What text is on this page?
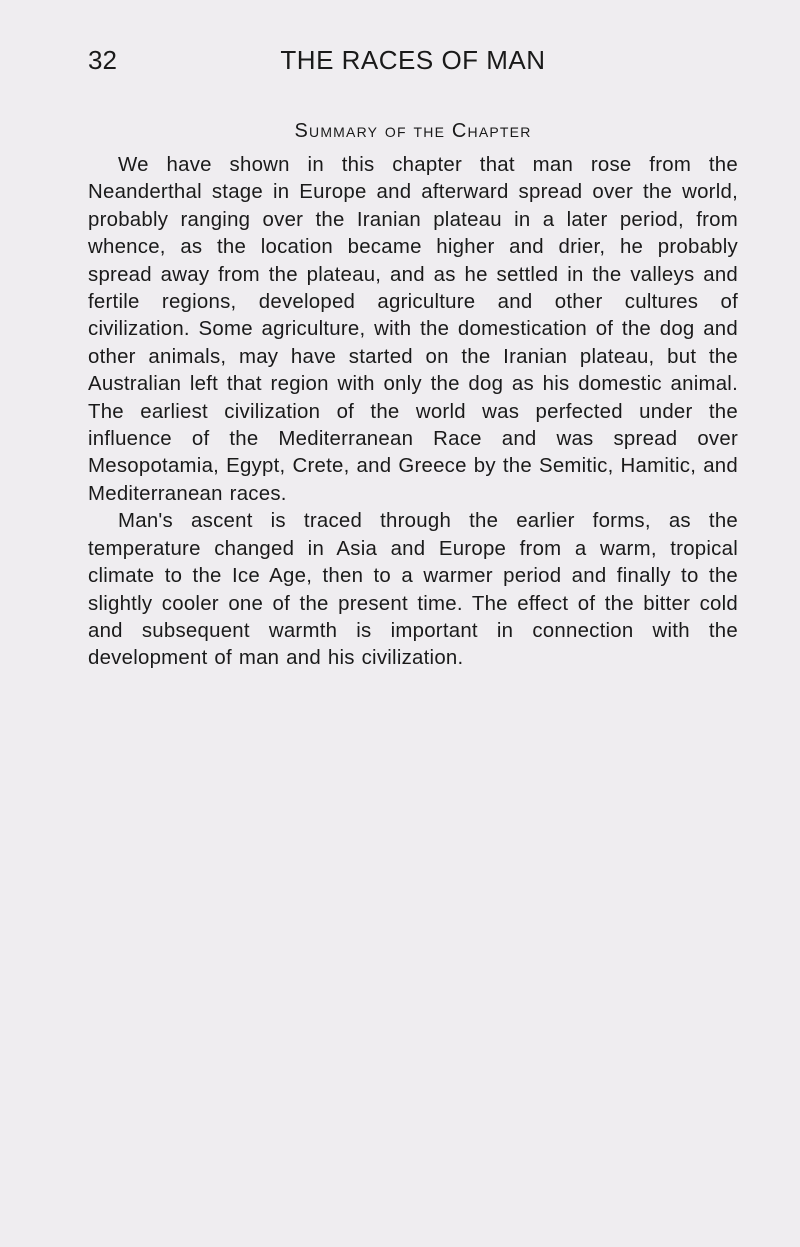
32	THE RACES OF MAN
Summary of the Chapter

We have shown in this chapter that man rose from the Neanderthal stage in Europe and afterward spread over the world, probably ranging over the Iranian plateau in a later period, from whence, as the location became higher and drier, he probably spread away from the plateau, and as he settled in the valleys and fertile regions, developed agriculture and other cultures of civilization. Some agriculture, with the domestication of the dog and other animals, may have started on the Iranian plateau, but the Australian left that region with only the dog as his domestic animal. The earliest civilization of the world was perfected under the influence of the Mediterranean Race and was spread over Mesopotamia, Egypt, Crete, and Greece by the Semitic, Hamitic, and Mediterranean races.

Man's ascent is traced through the earlier forms, as the temperature changed in Asia and Europe from a warm, tropical climate to the Ice Age, then to a warmer period and finally to the slightly cooler one of the present time. The effect of the bitter cold and subsequent warmth is important in connection with the development of man and his civilization.
